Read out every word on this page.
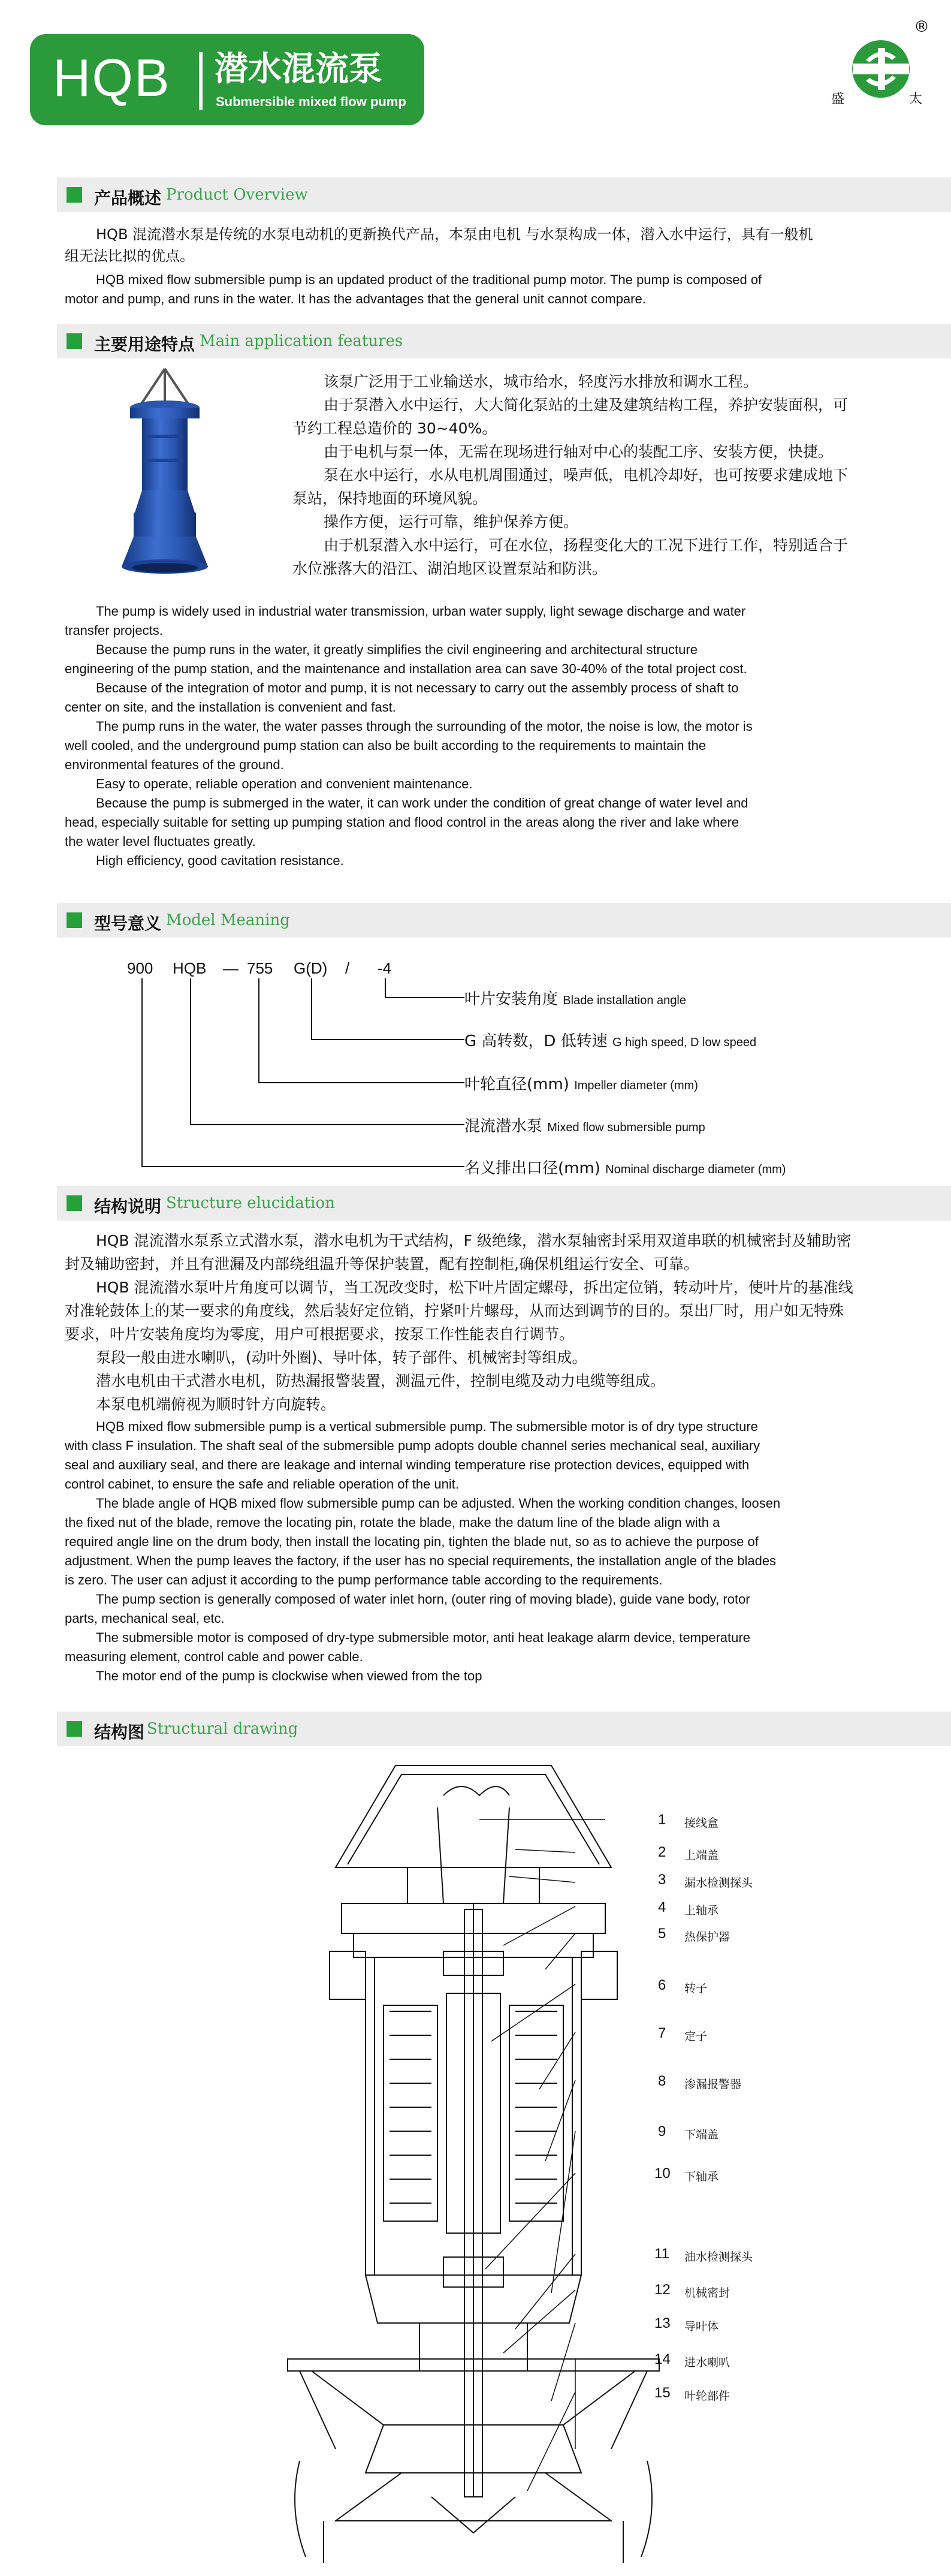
HQB 潜水混流泵
Submersible mixed flow pump
®
盛	太
产品概述 Product Overview
HQB 混流潜水泵是传统的水泵电动机的更新换代产品，本泵由电机 与水泵构成一体，潜入水中运行，具有一般机
组无法比拟的优点。
HQB mixed flow submersible pump is an updated product of the traditional pump motor. The pump is composed of
motor and pump, and runs in the water. It has the advantages that the general unit cannot compare.
主要用途特点 Main application features
该泵广泛用于工业输送水，城市给水，轻度污水排放和调水工程。
由于泵潜入水中运行，大大简化泵站的土建及建筑结构工程，养护安装面积，可
节约工程总造价的 30~40%。
由于电机与泵一体，无需在现场进行轴对中心的装配工序、安装方便，快捷。
泵在水中运行，水从电机周围通过，噪声低，电机冷却好，也可按要求建成地下
泵站，保持地面的环境风貌。
操作方便，运行可靠，维护保养方便。
由于机泵潜入水中运行，可在水位，扬程变化大的工况下进行工作，特别适合于
水位涨落大的沿江、湖泊地区设置泵站和防洪。
The pump is widely used in industrial water transmission, urban water supply, light sewage discharge and water
transfer projects.
Because the pump runs in the water, it greatly simplifies the civil engineering and architectural structure
engineering of the pump station, and the maintenance and installation area can save 30-40% of the total project cost.
Because of the integration of motor and pump, it is not necessary to carry out the assembly process of shaft to
center on site, and the installation is convenient and fast.
The pump runs in the water, the water passes through the surrounding of the motor, the noise is low, the motor is
well cooled, and the underground pump station can also be built according to the requirements to maintain the
environmental features of the ground.
Easy to operate, reliable operation and convenient maintenance.
Because the pump is submerged in the water, it can work under the condition of great change of water level and
head, especially suitable for setting up pumping station and flood control in the areas along the river and lake where
the water level fluctuates greatly.
High efficiency, good cavitation resistance.
型号意义 Model Meaning
900 HQB — 755 G(D) / -4
叶片安装角度 Blade installation angle
G 高转数，D 低转速 G high speed, D low speed
叶轮直径(mm) Impeller diameter (mm)
混流潜水泵 Mixed flow submersible pump
名义排出口径(mm) Nominal discharge diameter (mm)
结构说明 Structure elucidation
HQB 混流潜水泵系立式潜水泵，潜水电机为干式结构，F 级绝缘，潜水泵轴密封采用双道串联的机械密封及辅助密
封及辅助密封，并且有泄漏及内部绕组温升等保护装置，配有控制柜,确保机组运行安全、可靠。
HQB 混流潜水泵叶片角度可以调节，当工况改变时，松下叶片固定螺母，拆出定位销，转动叶片，使叶片的基准线
对准轮鼓体上的某一要求的角度线，然后装好定位销，拧紧叶片螺母，从而达到调节的目的。泵出厂时，用户如无特殊
要求，叶片安装角度均为零度，用户可根据要求，按泵工作性能表自行调节。
泵段一般由进水喇叭，(动叶外圈)、导叶体，转子部件、机械密封等组成。
潜水电机由干式潜水电机，防热漏报警装置，测温元件，控制电缆及动力电缆等组成。
本泵电机端俯视为顺时针方向旋转。
HQB mixed flow submersible pump is a vertical submersible pump. The submersible motor is of dry type structure
with class F insulation. The shaft seal of the submersible pump adopts double channel series mechanical seal, auxiliary
seal and auxiliary seal, and there are leakage and internal winding temperature rise protection devices, equipped with
control cabinet, to ensure the safe and reliable operation of the unit.
The blade angle of HQB mixed flow submersible pump can be adjusted. When the working condition changes, loosen
the fixed nut of the blade, remove the locating pin, rotate the blade, make the datum line of the blade align with a
required angle line on the drum body, then install the locating pin, tighten the blade nut, so as to achieve the purpose of
adjustment. When the pump leaves the factory, if the user has no special requirements, the installation angle of the blades
is zero. The user can adjust it according to the pump performance table according to the requirements.
The pump section is generally composed of water inlet horn, (outer ring of moving blade), guide vane body, rotor
parts, mechanical seal, etc.
The submersible motor is composed of dry-type submersible motor, anti heat leakage alarm device, temperature
measuring element, control cable and power cable.
The motor end of the pump is clockwise when viewed from the top
结构图 Structural drawing
1 接线盒
2 上端盖
3 漏水检测探头
4 上轴承
5 热保护器
6 转子
7 定子
8 渗漏报警器
9 下端盖
10 下轴承
11 油水检测探头
12 机械密封
13 导叶体
14 进水喇叭
15 叶轮部件
